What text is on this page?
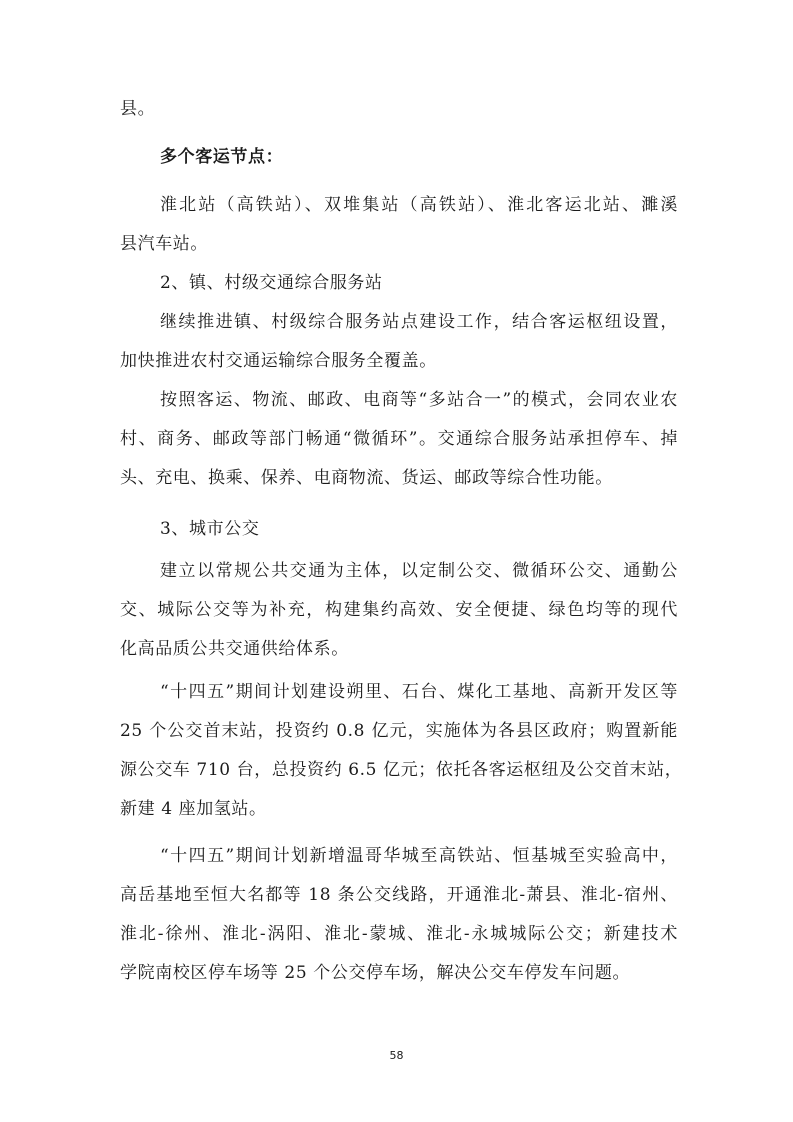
县。
多个客运节点：
淮北站（高铁站）、双堆集站（高铁站）、淮北客运北站、濉溪
县汽车站。
2、镇、村级交通综合服务站
继续推进镇、村级综合服务站点建设工作，结合客运枢纽设置，
加快推进农村交通运输综合服务全覆盖。
按照客运、物流、邮政、电商等“多站合一”的模式，会同农业农
村、商务、邮政等部门畅通“微循环”。交通综合服务站承担停车、掉
头、充电、换乘、保养、电商物流、货运、邮政等综合性功能。
3、城市公交
建立以常规公共交通为主体，以定制公交、微循环公交、通勤公
交、城际公交等为补充，构建集约高效、安全便捷、绿色均等的现代
化高品质公共交通供给体系。
“十四五”期间计划建设朔里、石台、煤化工基地、高新开发区等
25 个公交首末站，投资约 0.8 亿元，实施体为各县区政府；购置新能
源公交车 710 台，总投资约 6.5 亿元；依托各客运枢纽及公交首末站，
新建 4 座加氢站。
“十四五”期间计划新增温哥华城至高铁站、恒基城至实验高中，
高岳基地至恒大名都等 18 条公交线路，开通淮北-萧县、淮北-宿州、
淮北-徐州、淮北-涡阳、淮北-蒙城、淮北-永城城际公交；新建技术
学院南校区停车场等 25 个公交停车场，解决公交车停发车问题。
58
